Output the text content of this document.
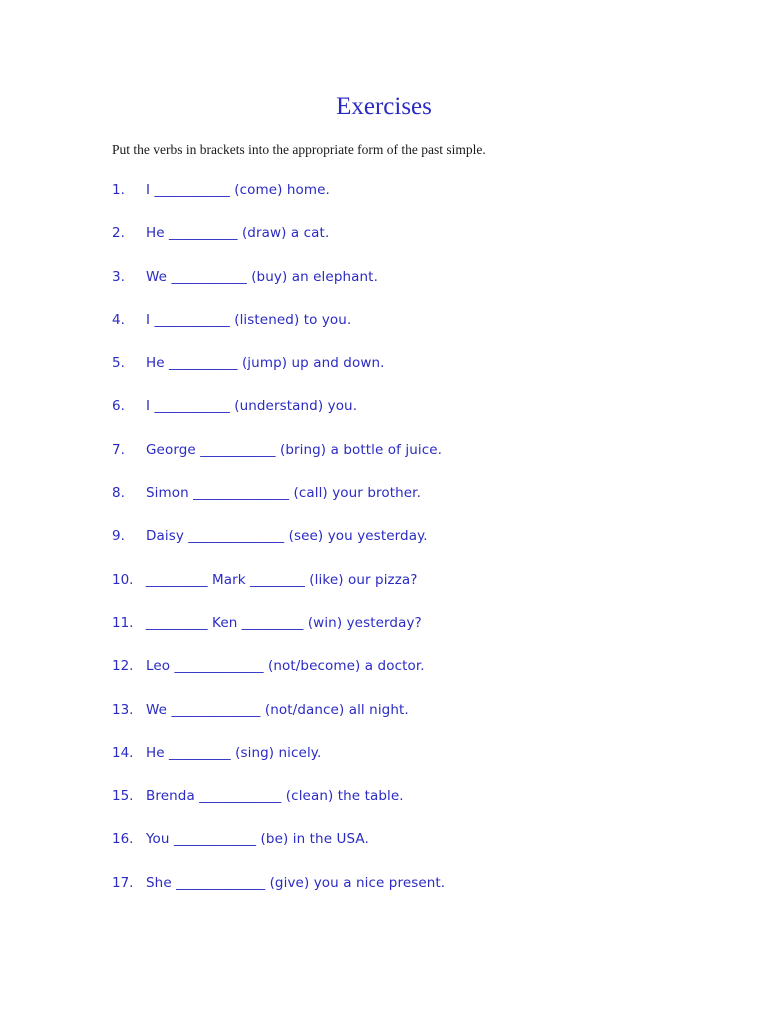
Exercises
Put the verbs in brackets into the appropriate form of the past simple.
1.	I ___________ (come) home.
2.	He __________ (draw) a cat.
3.	We ___________ (buy) an elephant.
4.	I ___________ (listened) to you.
5.	He __________ (jump) up and down.
6.	I ___________ (understand) you.
7.	George ___________ (bring) a bottle of juice.
8.	Simon ______________ (call) your brother.
9.	Daisy ______________ (see) you yesterday.
10. _________ Mark ________ (like) our pizza?
11. _________ Ken _________ (win) yesterday?
12. Leo _____________ (not/become) a doctor.
13. We _____________ (not/dance) all night.
14. He _________ (sing) nicely.
15. Brenda ____________ (clean) the table.
16. You ____________ (be) in the USA.
17. She _____________ (give) you a nice present.
